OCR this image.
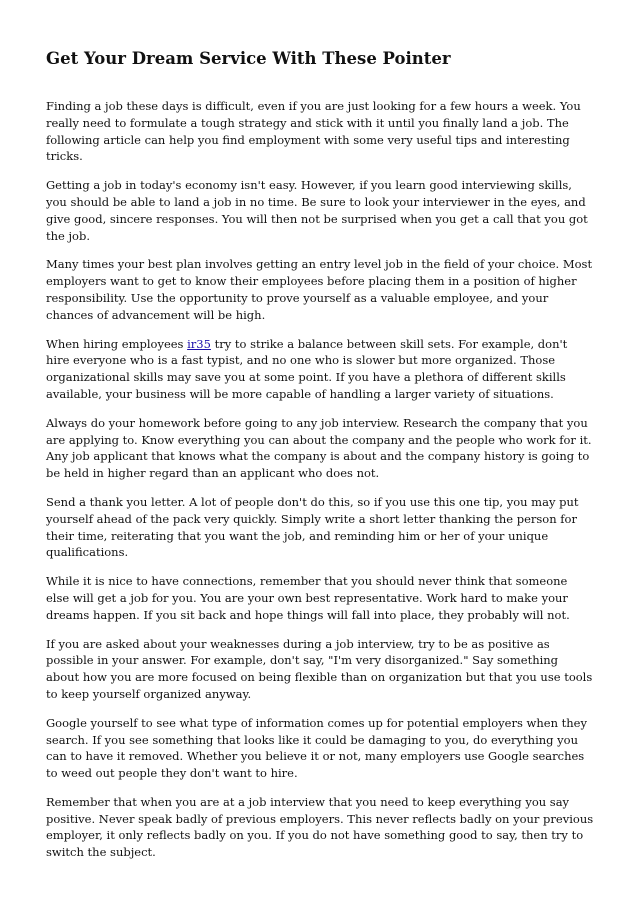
Get Your Dream Service With These Pointer

Finding a job these days is difficult, even if you are just looking for a few hours a week. You really need to formulate a tough strategy and stick with it until you finally land a job. The following article can help you find employment with some very useful tips and interesting tricks.

Getting a job in today's economy isn't easy. However, if you learn good interviewing skills, you should be able to land a job in no time. Be sure to look your interviewer in the eyes, and give good, sincere responses. You will then not be surprised when you get a call that you got the job.

Many times your best plan involves getting an entry level job in the field of your choice. Most employers want to get to know their employees before placing them in a position of higher responsibility. Use the opportunity to prove yourself as a valuable employee, and your chances of advancement will be high.

When hiring employees ir35 try to strike a balance between skill sets. For example, don't hire everyone who is a fast typist, and no one who is slower but more organized. Those organizational skills may save you at some point. If you have a plethora of different skills available, your business will be more capable of handling a larger variety of situations.

Always do your homework before going to any job interview. Research the company that you are applying to. Know everything you can about the company and the people who work for it. Any job applicant that knows what the company is about and the company history is going to be held in higher regard than an applicant who does not.

Send a thank you letter. A lot of people don't do this, so if you use this one tip, you may put yourself ahead of the pack very quickly. Simply write a short letter thanking the person for their time, reiterating that you want the job, and reminding him or her of your unique qualifications.

While it is nice to have connections, remember that you should never think that someone else will get a job for you. You are your own best representative. Work hard to make your dreams happen. If you sit back and hope things will fall into place, they probably will not.

If you are asked about your weaknesses during a job interview, try to be as positive as possible in your answer. For example, don't say, "I'm very disorganized." Say something about how you are more focused on being flexible than on organization but that you use tools to keep yourself organized anyway.

Google yourself to see what type of information comes up for potential employers when they search. If you see something that looks like it could be damaging to you, do everything you can to have it removed. Whether you believe it or not, many employers use Google searches to weed out people they don't want to hire.

Remember that when you are at a job interview that you need to keep everything you say positive. Never speak badly of previous employers. This never reflects badly on your previous employer, it only reflects badly on you. If you do not have something good to say, then try to switch the subject.
